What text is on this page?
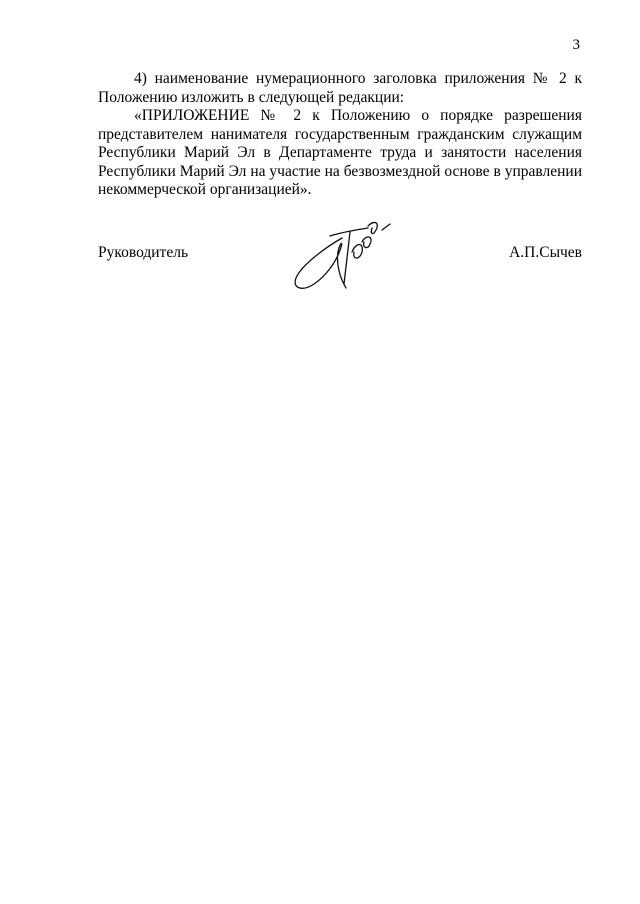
3

4) наименование нумерационного заголовка приложения № 2 к Положению изложить в следующей редакции:

«ПРИЛОЖЕНИЕ № 2 к Положению о порядке разрешения представителем нанимателя государственным гражданским служащим Республики Марий Эл в Департаменте труда и занятости населения Республики Марий Эл на участие на безвозмездной основе в управлении некоммерческой организацией».

Руководитель	А.П.Сычев
